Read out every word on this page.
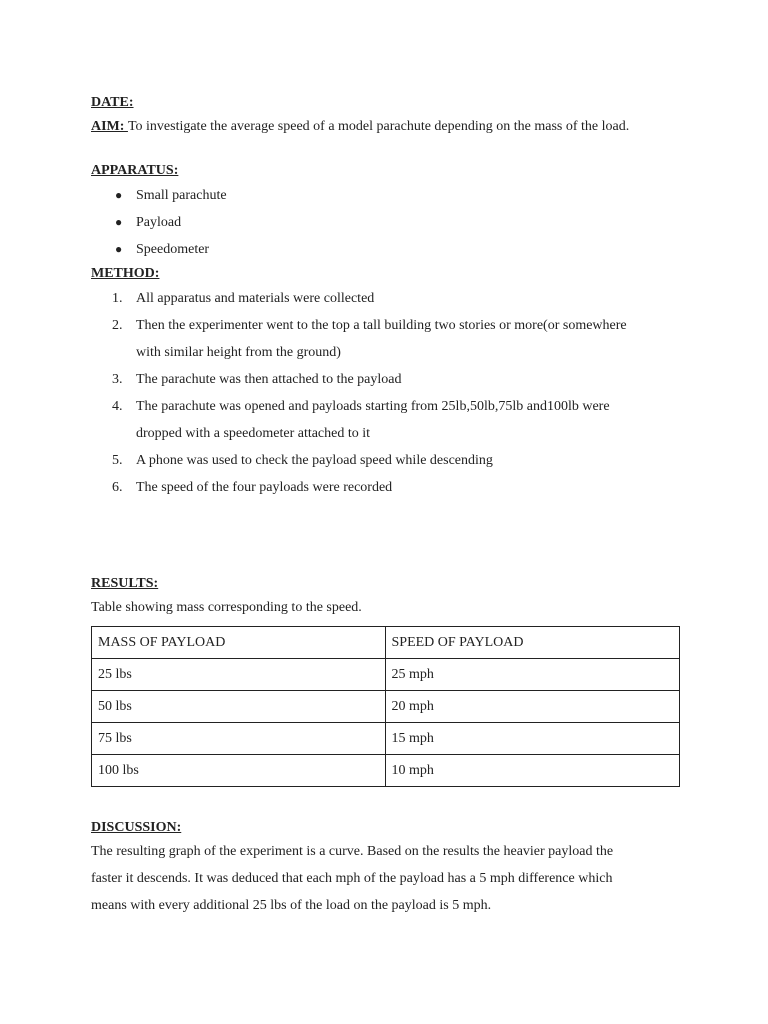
DATE:
AIM: To investigate the average speed of a model parachute depending on the mass of the load.
APPARATUS:
● Small parachute
● Payload
● Speedometer
METHOD:
1. All apparatus and materials were collected
2. Then the experimenter went to the top a tall building two stories or more(or somewhere
with similar height from the ground)
3. The parachute was then attached to the payload
4. The parachute was opened and payloads starting from 25lb,50lb,75lb and100lb were
dropped with a speedometer attached to it
5. A phone was used to check the payload speed while descending
6. The speed of the four payloads were recorded
RESULTS:
Table showing mass corresponding to the speed.
MASS OF PAYLOAD	SPEED OF PAYLOAD
25 lbs	25 mph
50 lbs	20 mph
75 lbs	15 mph
100 lbs	10 mph
DISCUSSION:
The resulting graph of the experiment is a curve. Based on the results the heavier payload the
faster it descends. It was deduced that each mph of the payload has a 5 mph difference which
means with every additional 25 lbs of the load on the payload is 5 mph.
